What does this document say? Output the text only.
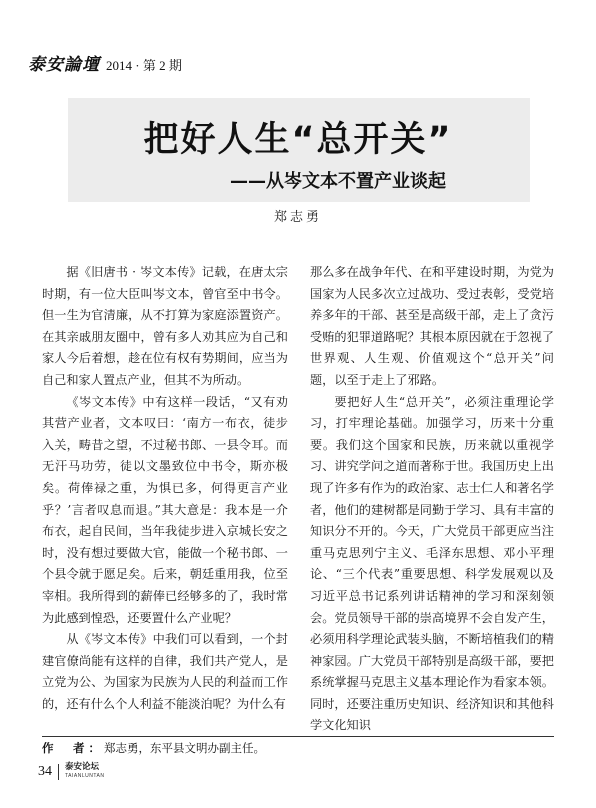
泰安論壇 2014 · 第 2 期
把好人生“总开关”
——从岑文本不置产业谈起
郑志勇

据《旧唐书 · 岑文本传》记载，在唐太宗时期，有一位大臣叫岑文本，曾官至中书令。但一生为官清廉，从不打算为家庭添置资产。在其亲戚朋友圈中，曾有多人劝其应为自己和家人今后着想，趁在位有权有势期间，应当为自己和家人置点产业，但其不为所动。

《岑文本传》中有这样一段话，“又有劝其营产业者，文本叹曰：‘南方一布衣，徒步入关，畴昔之望，不过秘书郎、一县令耳。而无汗马功劳，徒以文墨致位中书令，斯亦极矣。荷俸禄之重，为惧已多，何得更言产业乎？’言者叹息而退。”其大意是：我本是一介布衣，起自民间，当年我徒步进入京城长安之时，没有想过要做大官，能做一个秘书郎、一个县令就于愿足矣。后来，朝廷重用我，位至宰相。我所得到的薪俸已经够多的了，我时常为此感到惶恐，还要置什么产业呢？

从《岑文本传》中我们可以看到，一个封建官僚尚能有这样的自律，我们共产党人，是立党为公、为国家为民族为人民的利益而工作的，还有什么个人利益不能淡泊呢？为什么有

那么多在战争年代、在和平建设时期，为党为国家为人民多次立过战功、受过表彰，受党培养多年的干部、甚至是高级干部，走上了贪污受贿的犯罪道路呢？其根本原因就在于忽视了世界观、人生观、价值观这个“总开关”问题，以至于走上了邪路。

要把好人生“总开关”，必须注重理论学习，打牢理论基础。加强学习，历来十分重要。我们这个国家和民族，历来就以重视学习、讲究学问之道而著称于世。我国历史上出现了许多有作为的政治家、志士仁人和著名学者，他们的建树都是同勤于学习、具有丰富的知识分不开的。今天，广大党员干部更应当注重马克思列宁主义、毛泽东思想、邓小平理论、“三个代表”重要思想、科学发展观以及习近平总书记系列讲话精神的学习和深刻领会。党员领导干部的崇高境界不会自发产生，必须用科学理论武装头脑，不断培植我们的精神家园。广大党员干部特别是高级干部，要把系统掌握马克思主义基本理论作为看家本领。同时，还要注重历史知识、经济知识和其他科学文化知识

作　者：郑志勇，东平县文明办副主任。
34 泰安论坛
TAIANLUNTAN
